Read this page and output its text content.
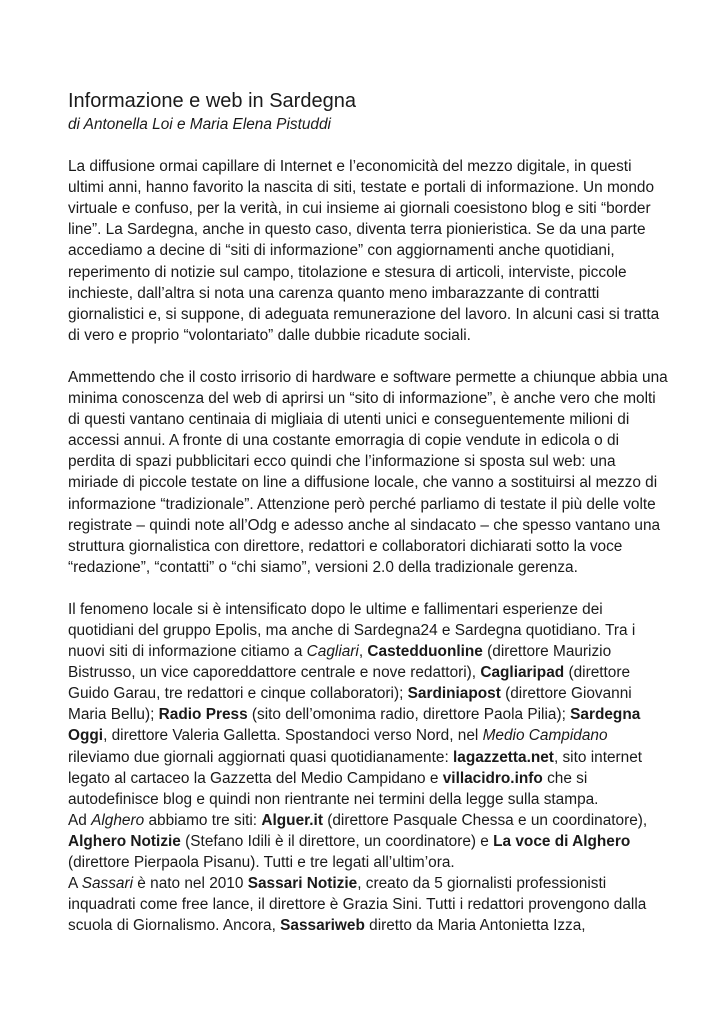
Informazione e web in Sardegna

di Antonella Loi e Maria Elena Pistuddi

La diffusione ormai capillare di Internet e l’economicità del mezzo digitale, in questi ultimi anni, hanno favorito la nascita di siti, testate e portali di informazione. Un mondo virtuale e confuso, per la verità, in cui insieme ai giornali coesistono blog e siti “border line”. La Sardegna, anche in questo caso, diventa terra pionieristica. Se da una parte accediamo a decine di “siti di informazione” con aggiornamenti anche quotidiani, reperimento di notizie sul campo, titolazione e stesura di articoli, interviste, piccole inchieste, dall’altra si nota una carenza quanto meno imbarazzante di contratti giornalistici e, si suppone, di adeguata remunerazione del lavoro. In alcuni casi si tratta di vero e proprio “volontariato” dalle dubbie ricadute sociali.

Ammettendo che il costo irrisorio di hardware e software permette a chiunque abbia una minima conoscenza del web di aprirsi un “sito di informazione”, è anche vero che molti di questi vantano centinaia di migliaia di utenti unici e conseguentemente milioni di accessi annui. A fronte di una costante emorragia di copie vendute in edicola o di perdita di spazi pubblicitari ecco quindi che l’informazione si sposta sul web: una miriade di piccole testate on line a diffusione locale, che vanno a sostituirsi al mezzo di informazione “tradizionale”. Attenzione però perché parliamo di testate il più delle volte registrate – quindi note all’Odg e adesso anche al sindacato – che spesso vantano una struttura giornalistica con direttore, redattori e collaboratori dichiarati sotto la voce “redazione”, “contatti” o “chi siamo”, versioni 2.0 della tradizionale gerenza.

Il fenomeno locale si è intensificato dopo le ultime e fallimentari esperienze dei quotidiani del gruppo Epolis, ma anche di Sardegna24 e Sardegna quotidiano. Tra i nuovi siti di informazione citiamo a Cagliari, Castedduonline (direttore Maurizio Bistrusso, un vice caporeddattore centrale e nove redattori), Cagliaripad (direttore Guido Garau, tre redattori e cinque collaboratori); Sardiniapost (direttore Giovanni Maria Bellu); Radio Press (sito dell’omonima radio, direttore Paola Pilia); Sardegna Oggi, direttore Valeria Galletta. Spostandoci verso Nord, nel Medio Campidano rileviamo due giornali aggiornati quasi quotidianamente: lagazzetta.net, sito internet legato al cartaceo la Gazzetta del Medio Campidano e villacidro.info che si autodefinisce blog e quindi non rientrante nei termini della legge sulla stampa.

Ad Alghero abbiamo tre siti: Alguer.it (direttore Pasquale Chessa e un coordinatore), Alghero Notizie (Stefano Idili è il direttore, un coordinatore) e La voce di Alghero (direttore Pierpaola Pisanu). Tutti e tre legati all’ultim’ora.

A Sassari è nato nel 2010 Sassari Notizie, creato da 5 giornalisti professionisti inquadrati come free lance, il direttore è Grazia Sini. Tutti i redattori provengono dalla scuola di Giornalismo. Ancora, Sassariweb diretto da Maria Antonietta Izza,
